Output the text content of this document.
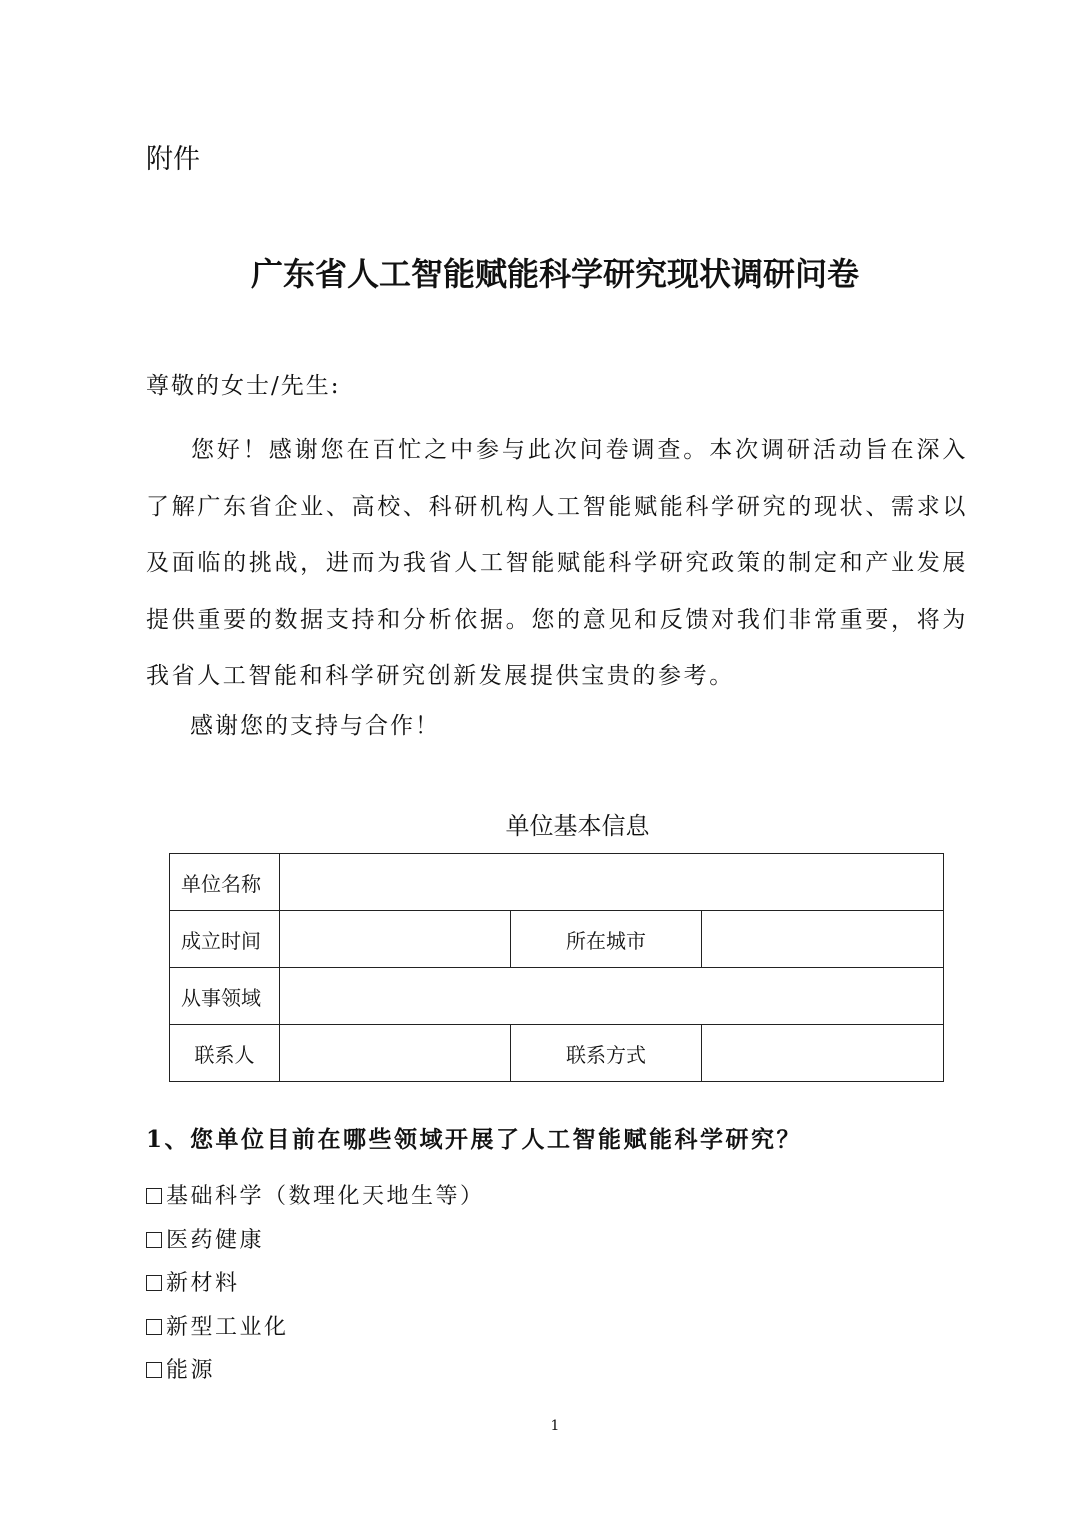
附件
广东省人工智能赋能科学研究现状调研问卷
尊敬的女士/先生:

您好！感谢您在百忙之中参与此次问卷调查。本次调研活动旨在深入了解广东省企业、高校、科研机构人工智能赋能科学研究的现状、需求以及面临的挑战，进而为我省人工智能赋能科学研究政策的制定和产业发展提供重要的数据支持和分析依据。您的意见和反馈对我们非常重要，将为我省人工智能和科学研究创新发展提供宝贵的参考。

感谢您的支持与合作！
单位基本信息
单位名称			
成立时间		所在城市	
从事领域			
联系人		联系方式	
1、您单位目前在哪些领域开展了人工智能赋能科学研究？
基础科学（数理化天地生等）
医药健康
新材料
新型工业化
能源
1
